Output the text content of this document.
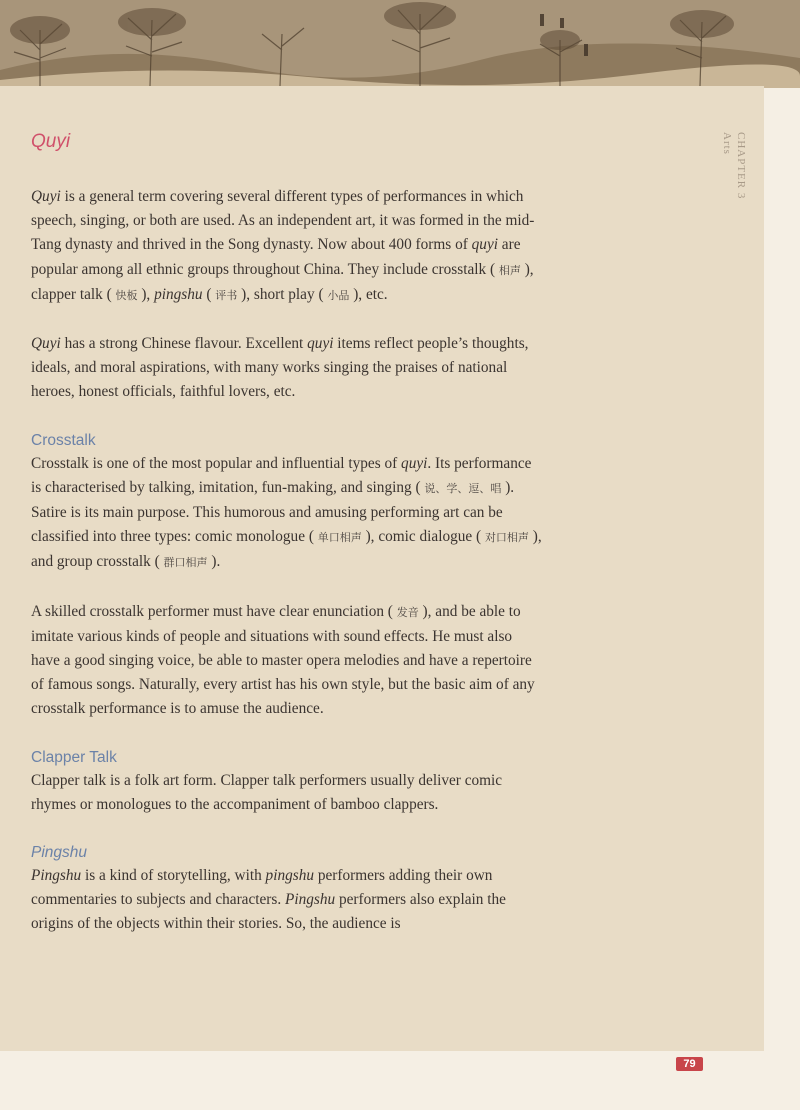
CHAPTER 3
Arts
Quyi

Quyi is a general term covering several different types of performances in which speech, singing, or both are used. As an independent art, it was formed in the mid-Tang dynasty and thrived in the Song dynasty. Now about 400 forms of quyi are popular among all ethnic groups throughout China. They include crosstalk ( 相声 ), clapper talk ( 快板 ), pingshu ( 评书 ), short play ( 小品 ), etc.

Quyi has a strong Chinese flavour. Excellent quyi items reflect people’s thoughts, ideals, and moral aspirations, with many works singing the praises of national heroes, honest officials, faithful lovers, etc.

Crosstalk

Crosstalk is one of the most popular and influential types of quyi. Its performance is characterised by talking, imitation, fun-making, and singing ( 说、学、逗、唱 ). Satire is its main purpose. This humorous and amusing performing art can be classified into three types: comic monologue ( 单口相声 ), comic dialogue ( 对口相声 ), and group crosstalk ( 群口相声 ).

A skilled crosstalk performer must have clear enunciation ( 发音 ), and be able to imitate various kinds of people and situations with sound effects. He must also have a good singing voice, be able to master opera melodies and have a repertoire of famous songs. Naturally, every artist has his own style, but the basic aim of any crosstalk performance is to amuse the audience.

Clapper Talk

Clapper talk is a folk art form. Clapper talk performers usually deliver comic rhymes or monologues to the accompaniment of bamboo clappers.

Pingshu

Pingshu is a kind of storytelling, with pingshu performers adding their own commentaries to subjects and characters. Pingshu performers also explain the origins of the objects within their stories. So, the audience is

79
